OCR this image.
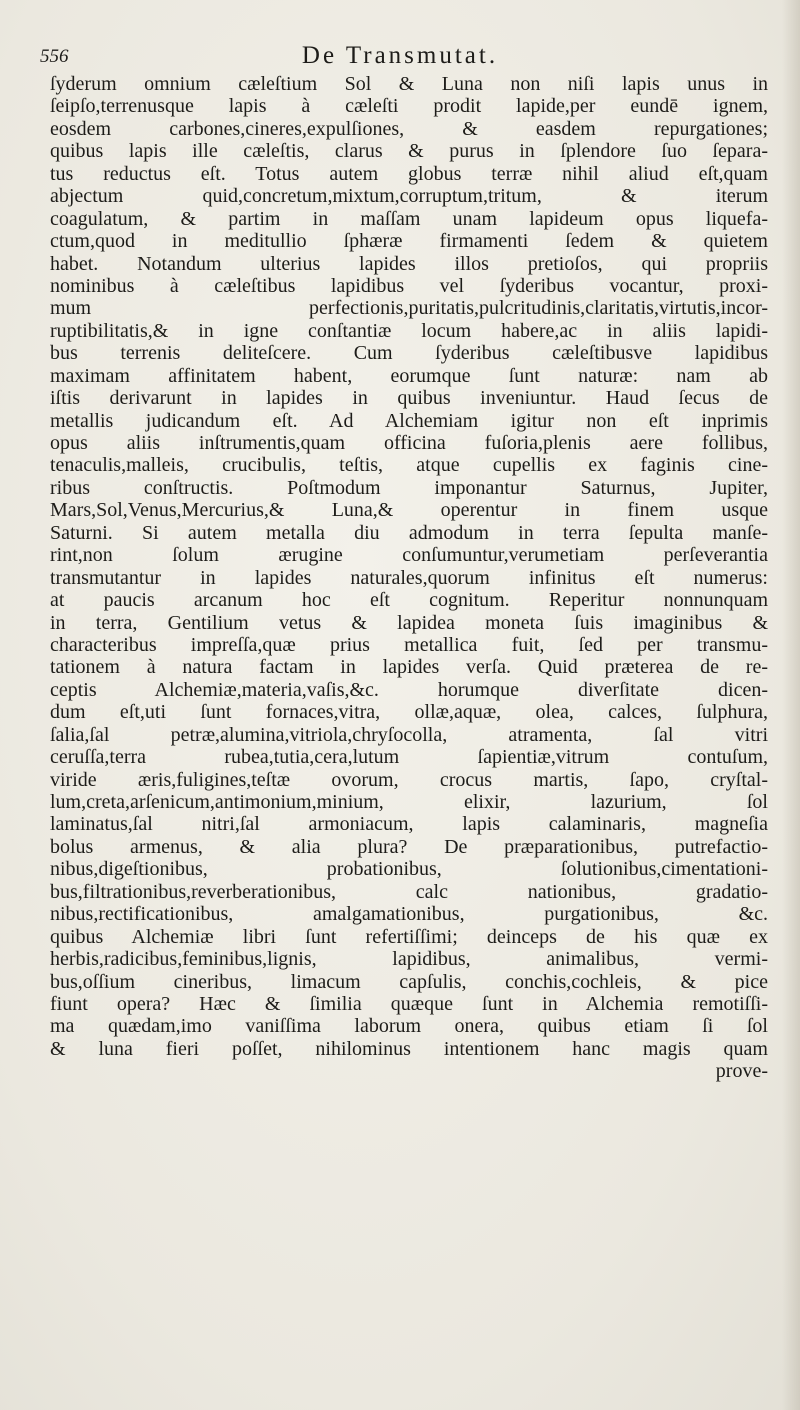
556	De Transmutat.
ſyderum omnium cæleſtium Sol & Luna non niſi lapis unus in
ſeipſo,terrenusque lapis à cæleſti prodit lapide,per eundē ignem,
eosdem carbones,cineres,expulſiones, & easdem repurgationes;
quibus lapis ille cæleſtis, clarus & purus in ſplendore ſuo ſepara-
tus reductus eſt. Totus autem globus terræ nihil aliud eſt,quam
abjectum quid,concretum,mixtum,corruptum,tritum, & iterum
coagulatum, & partim in maſſam unam lapideum opus liquefa-
ctum,quod in meditullio ſphæræ firmamenti ſedem & quietem
habet. Notandum ulterius lapides illos pretioſos, qui propriis
nominibus à cæleſtibus lapidibus vel ſyderibus vocantur, proxi-
mum perfectionis,puritatis,pulcritudinis,claritatis,virtutis,incor-
ruptibilitatis,& in igne conſtantiæ locum habere,ac in aliis lapidi-
bus terrenis deliteſcere. Cum ſyderibus cæleſtibusve lapidibus
maximam affinitatem habent, eorumque ſunt naturæ: nam ab
iſtis derivarunt in lapides in quibus inveniuntur. Haud ſecus de
metallis judicandum eſt. Ad Alchemiam igitur non eſt inprimis
opus aliis inſtrumentis,quam officina fuſoria,plenis aere follibus,
tenaculis,malleis, crucibulis, teſtis, atque cupellis ex faginis cine-
ribus conſtructis. Poſtmodum imponantur Saturnus, Jupiter,
Mars,Sol,Venus,Mercurius,& Luna,& operentur in finem usque
Saturni. Si autem metalla diu admodum in terra ſepulta manſe-
rint,non ſolum ærugine conſumuntur,verumetiam perſeverantia
transmutantur in lapides naturales,quorum infinitus eſt numerus:
at paucis arcanum hoc eſt cognitum. Reperitur nonnunquam
in terra, Gentilium vetus & lapidea moneta ſuis imaginibus &
characteribus impreſſa,quæ prius metallica fuit, ſed per transmu-
tationem à natura factam in lapides verſa. Quid præterea de re-
ceptis Alchemiæ,materia,vaſis,&c. horumque diverſitate dicen-
dum eſt,uti ſunt fornaces,vitra, ollæ,aquæ, olea, calces, ſulphura,
ſalia,ſal petræ,alumina,vitriola,chryſocolla, atramenta, ſal vitri
ceruſſa,terra rubea,tutia,cera,lutum ſapientiæ,vitrum contuſum,
viride æris,fuligines,teſtæ ovorum, crocus martis, ſapo, cryſtal-
lum,creta,arſenicum,antimonium,minium, elixir, lazurium, ſol
laminatus,ſal nitri,ſal armoniacum, lapis calaminaris, magneſia
bolus armenus, & alia plura? De præparationibus, putrefactio-
nibus,digeſtionibus, probationibus, ſolutionibus,cimentationi-
bus,filtrationibus,reverberationibus, calc nationibus, gradatio-
nibus,rectificationibus, amalgamationibus, purgationibus, &c.
quibus Alchemiæ libri ſunt refertiſſimi; deinceps de his quæ ex
herbis,radicibus,feminibus,lignis, lapidibus, animalibus, vermi-
bus,oſſium cineribus, limacum capſulis, conchis,cochleis, & pice
fiunt opera? Hæc & ſimilia quæque ſunt in Alchemia remotiſſi-
ma quædam,imo vaniſſima laborum onera, quibus etiam ſi ſol
& luna fieri poſſet, nihilominus intentionem hanc magis quam
prove-
